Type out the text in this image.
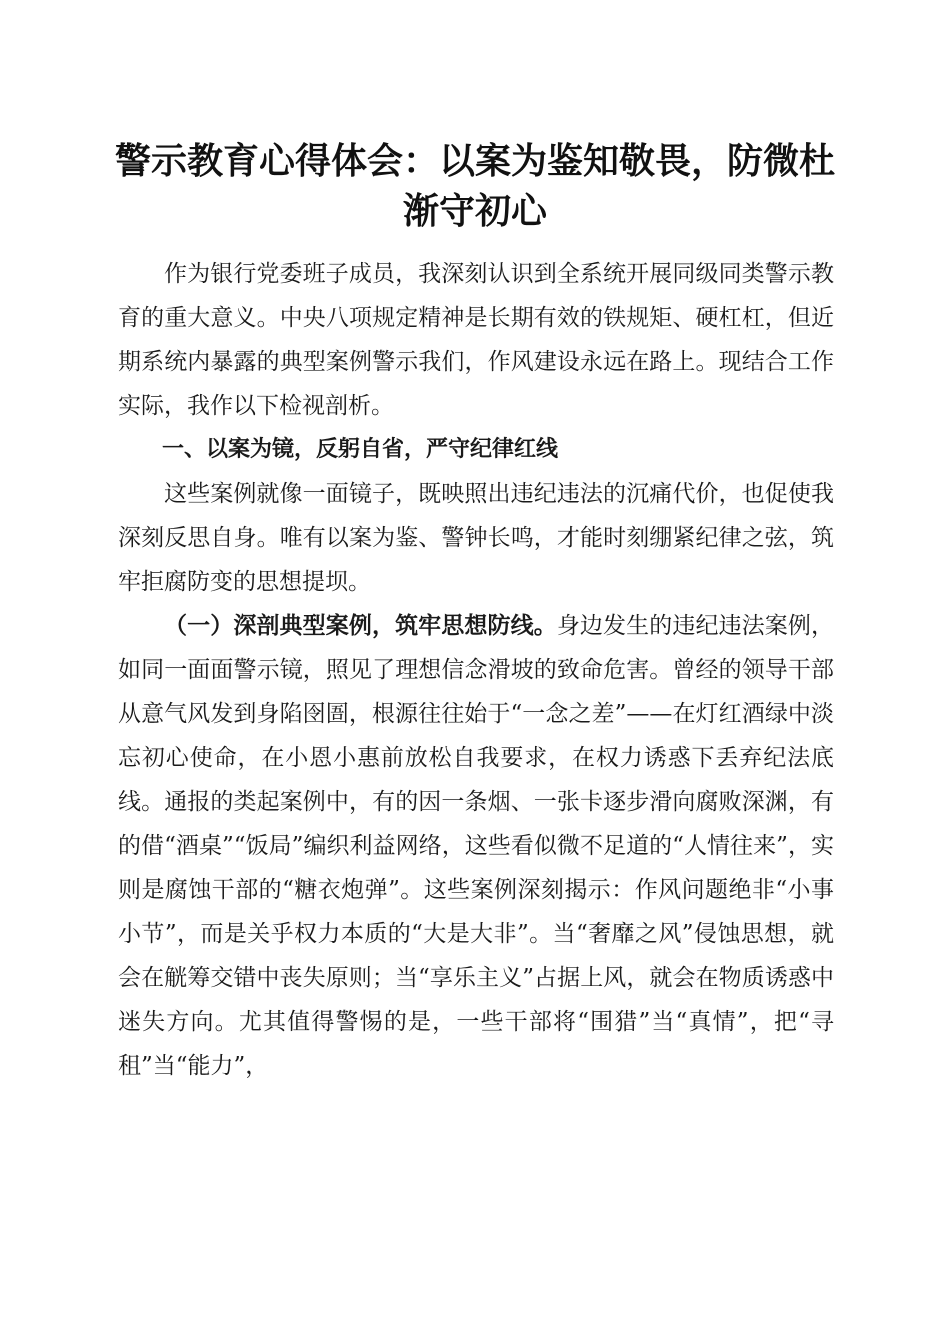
警示教育心得体会：以案为鉴知敬畏，防微杜
渐守初心

作为银行党委班子成员，我深刻认识到全系统开展同级同类警示教育的重大意义。中央八项规定精神是长期有效的铁规矩、硬杠杠，但近期系统内暴露的典型案例警示我们，作风建设永远在路上。现结合工作实际，我作以下检视剖析。

一、以案为镜，反躬自省，严守纪律红线

这些案例就像一面镜子，既映照出违纪违法的沉痛代价，也促使我深刻反思自身。唯有以案为鉴、警钟长鸣，才能时刻绷紧纪律之弦，筑牢拒腐防变的思想提坝。

（一）深剖典型案例，筑牢思想防线。身边发生的违纪违法案例，如同一面面警示镜，照见了理想信念滑坡的致命危害。曾经的领导干部从意气风发到身陷囹圄，根源往往始于“一念之差”——在灯红酒绿中淡忘初心使命，在小恩小惠前放松自我要求，在权力诱惑下丢弃纪法底线。通报的类起案例中，有的因一条烟、一张卡逐步滑向腐败深渊，有的借“酒桌”“饭局”编织利益网络，这些看似微不足道的“人情往来”，实则是腐蚀干部的“糖衣炮弹”。这些案例深刻揭示：作风问题绝非“小事小节”，而是关乎权力本质的“大是大非”。当“奢靡之风”侵蚀思想，就会在觥筹交错中丧失原则；当“享乐主义”占据上风，就会在物质诱惑中迷失方向。尤其值得警惕的是，一些干部将“围猎”当“真情”，把“寻租”当“能力”，
